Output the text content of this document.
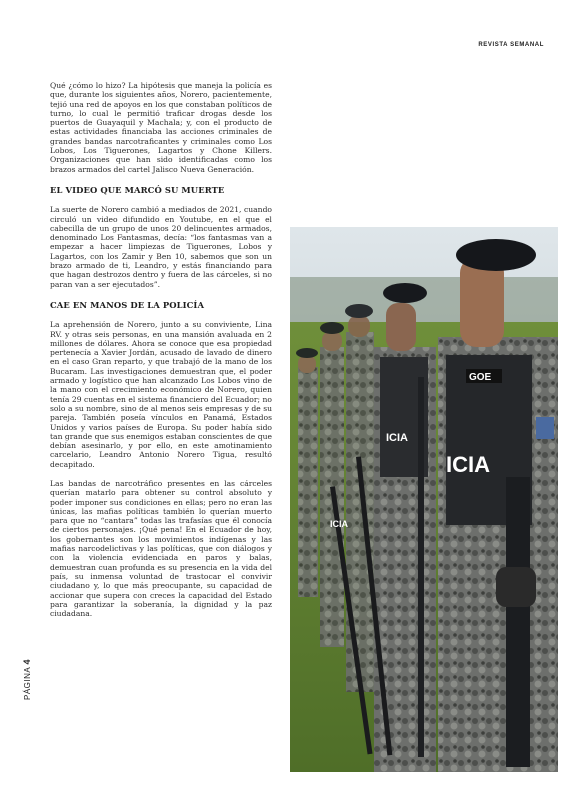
REVISTA SEMANAL
PÁGINA 4

Qué ¿cómo lo hizo? La hipótesis que maneja la policía es que, durante los siguientes años, Norero, pacientemente, tejió una red de apoyos en los que constaban políticos de turno, lo cual le permitió traficar drogas desde los puertos de Guayaquil y Machala; y, con el producto de estas actividades financiaba las acciones criminales de grandes bandas narcotraficantes y criminales como Los Lobos, Los Tiguerones, Lagartos y Chone Killers. Organizaciones que han sido identificadas como los brazos armados del cartel Jalisco Nueva Generación.

EL VIDEO QUE MARCÓ SU MUERTE

La suerte de Norero cambió a mediados de 2021, cuando circuló un video difundido en Youtube, en el que el cabecilla de un grupo de unos 20 delincuentes armados, denominado Los Fantasmas, decía: “los fantasmas van a empezar a hacer limpiezas de Tiguerones, Lobos y Lagartos, con los Zamir y Ben 10, sabemos que son un brazo armado de ti, Leandro, y estás financiando para que hagan destrozos dentro y fuera de las cárceles, si no paran van a ser ejecutados”.

CAE EN MANOS DE LA POLICÍA

La aprehensión de Norero, junto a su conviviente, Lina RV. y otras seis personas, en una mansión avaluada en 2 millones de dólares. Ahora se conoce que esa propiedad pertenecía a Xavier Jordán, acusado de lavado de dinero en el caso Gran reparto, y que trabajó de la mano de los Bucaram. Las investigaciones demuestran que, el poder armado y logístico que han alcanzado Los Lobos vino de la mano con el crecimiento económico de Norero, quien tenía 29 cuentas en el sistema financiero del Ecuador; no solo a su nombre, sino de al menos seis empresas y de su pareja. También poseía vínculos en Panamá, Estados Unidos y varios países de Europa. Su poder había sido tan grande que sus enemigos estaban conscientes de que debían asesinarlo, y por ello, en este amotinamiento carcelario, Leandro Antonio Norero Tigua, resultó decapitado.

Las bandas de narcotráfico presentes en las cárceles querían matarlo para obtener su control absoluto y poder imponer sus condiciones en ellas; pero no eran las únicas, las mafias políticas también lo querían muerto para que no “cantara” todas las trafasías que él conocía de ciertos personajes. ¡Qué pena! En el Ecuador de hoy, los gobernantes son los movimientos indígenas y las mafias narcodelictivas y las políticas, que con diálogos y con la violencia evidenciada en paros y balas, demuestran cuan profunda es su presencia en la vida del país, su inmensa voluntad de trastocar el convivir ciudadano y, lo que más preocupante, su capacidad de accionar que supera con creces la capacidad del Estado para garantizar la soberanía, la dignidad y la paz ciudadana.

ICIA
GOE
ICIA
ICIA
